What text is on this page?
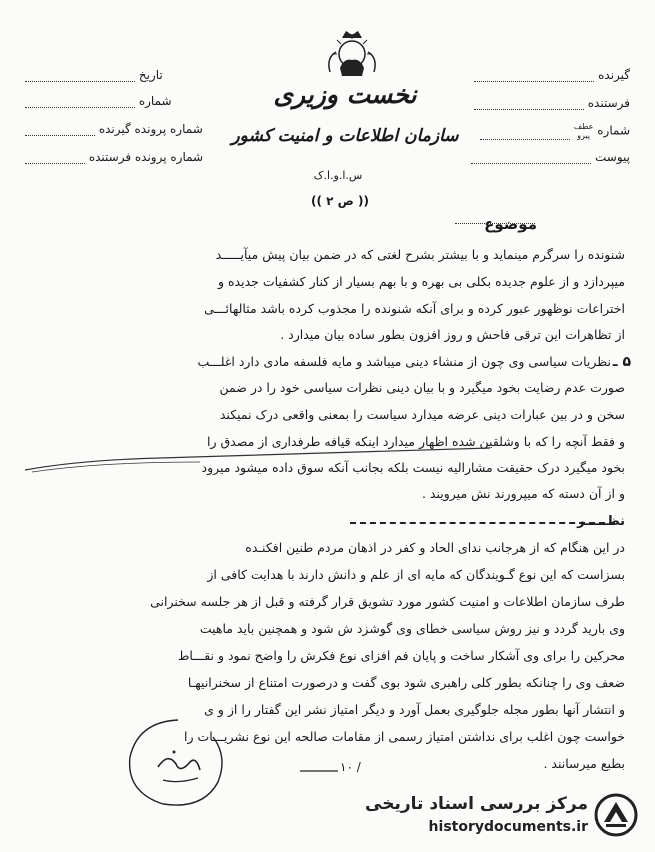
نخست وزیری
سازمان اطلاعات و امنیت کشور
س.ا.و.ا.ک
(( ص ۲ ))
گیرنده
فرستنده
شماره عطف
پیرو
پیوست
تاریخ
شماره
شماره پرونده گیرنده
شماره پرونده فرستنده
موضوع
شنونده را سرگرم مینماید و با بیشتر بشرح لغتی که در ضمن بیان پیش میآیـــــد
میپردازد و از علوم جدیده بکلی بی بهره و با بهم بسیار از کنار کشفیات جدیده و
اختراعات نوظهور عبور کرده و برای آنکه شنونده را مجذوب کرده باشد مثالهائـــی
از تظاهرات این ترقی فاحش و روز افزون بطور ساده بیان میدارد .
۵ ـ
نظریات سیاسی وی چون از منشاء دینی میباشد و مایه فلسفه مادی دارد اغلـــب
صورت عدم رضایت بخود میگیرد و با بیان دینی نظرات سیاسی خود را در ضمن
سخن و در بین عبارات دینی عرضه میدارد سیاست را بمعنی واقعی درک نمیکند
و فقط آنچه را که با وشلقین شده اظهار میدارد اینکه قیافه طرفداری از مصدق را
بخود میگیرد درک حقیقت مشارالیه نیست بلکه بجانب آنکه سوق داده میشود میرود
و از آن دسته که میپرورند نش میرویند .
نظـــــر
در این هنگام که از هرجانب ندای الحاد و کفر در اذهان مردم طنین افکنـده
بسزاست که این نوع گـویندگان که مایه ای از علم و دانش دارند با هدایت کافی از
طرف سازمان اطلاعات و امنیت کشور مورد تشویق قرار گرفته و قبل از هر جلسه سخنرانی
وی بارید گردد و نیز روش سیاسی خطای وی گوشزد ش شود و همچنین باید ماهیت
محرکین را برای وی آشکار ساخت و پایان فم افزای نوع فکرش را واضح نمود و نقـــاط
ضعف وی را چنانکه بطور کلی راهبری شود بوی گفت و درصورت امتناع از سخنرانیهـا
و انتشار آنها بطور مجله جلوگیری بعمل آورد و دیگر امتیاز نشر این گفتار را از و ی
خواست چون اغلب برای نداشتن امتیاز رسمی از مقامات صالحه این نوع نشریـــات را
بطبع میرسانند .
۱۰ /
مرکز بررسی اسناد تاریخی
historydocuments.ir
